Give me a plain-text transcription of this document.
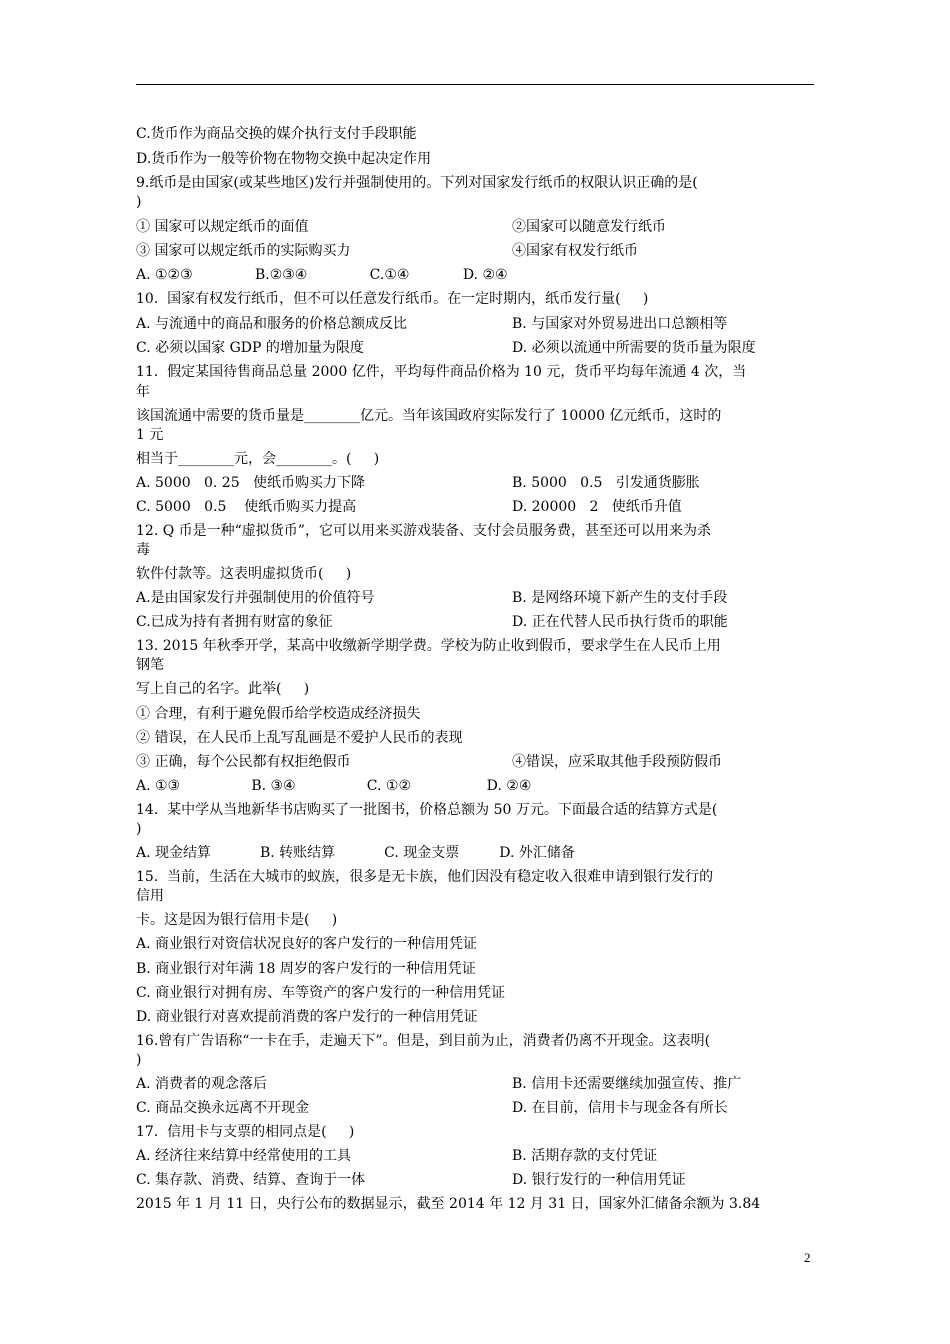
C.货币作为商品交换的媒介执行支付手段职能
D.货币作为一般等价物在物物交换中起决定作用
9.纸币是由国家(或某些地区)发行并强制使用的。下列对国家发行纸币的权限认识正确的是(
)
① 国家可以规定纸币的面值	②国家可以随意发行纸币
③ 国家可以规定纸币的实际购买力	④国家有权发行纸币
A. ①②③              B.②③④              C.①④            D. ②④
10.  国家有权发行纸币，但不可以任意发行纸币。在一定时期内，纸币发行量(     )
A. 与流通中的商品和服务的价格总额成反比	B. 与国家对外贸易进出口总额相等
C. 必须以国家 GDP 的增加量为限度	D. 必须以流通中所需要的货币量为限度
11.  假定某国待售商品总量 2000 亿件，平均每件商品价格为 10 元，货币平均每年流通 4 次，当
年
该国流通中需要的货币量是________亿元。当年该国政府实际发行了 10000 亿元纸币，这时的
1 元
相当于________元，会________。(     )
A. 5000   0. 25   使纸币购买力下降	B. 5000   0.5   引发通货膨胀
C. 5000   0.5    使纸币购买力提高	D. 20000   2   使纸币升值
12. Q 币是一种“虚拟货币”，它可以用来买游戏装备、支付会员服务费，甚至还可以用来为杀
毒
软件付款等。这表明虚拟货币(     )
A.是由国家发行并强制使用的价值符号	B. 是网络环境下新产生的支付手段
C.已成为持有者拥有财富的象征	D. 正在代替人民币执行货币的职能
13. 2015 年秋季开学，某高中收缴新学期学费。学校为防止收到假币，要求学生在人民币上用
钢笔
写上自己的名字。此举(     )
① 合理，有利于避免假币给学校造成经济损失
② 错误，在人民币上乱写乱画是不爱护人民币的表现
③ 正确，每个公民都有权拒绝假币	④错误，应采取其他手段预防假币
A. ①③                B. ③④                C. ①②                 D. ②④
14.  某中学从当地新华书店购买了一批图书，价格总额为 50 万元。下面最合适的结算方式是(
)
A. 现金结算           B. 转账结算           C. 现金支票         D. 外汇储备
15.  当前，生活在大城市的蚁族，很多是无卡族，他们因没有稳定收入很难申请到银行发行的
信用
卡。这是因为银行信用卡是(     )
A. 商业银行对资信状况良好的客户发行的一种信用凭证
B. 商业银行对年满 18 周岁的客户发行的一种信用凭证
C. 商业银行对拥有房、车等资产的客户发行的一种信用凭证
D. 商业银行对喜欢提前消费的客户发行的一种信用凭证
16.曾有广告语称“一卡在手，走遍天下”。但是，到目前为止，消费者仍离不开现金。这表明(
)
A. 消费者的观念落后	B. 信用卡还需要继续加强宣传、推广
C. 商品交换永远离不开现金	D. 在目前，信用卡与现金各有所长
17.  信用卡与支票的相同点是(     )
A. 经济往来结算中经常使用的工具	B. 活期存款的支付凭证
C. 集存款、消费、结算、查询于一体	D. 银行发行的一种信用凭证
2015 年 1 月 11 日，央行公布的数据显示，截至 2014 年 12 月 31 日，国家外汇储备余额为 3.84
2
